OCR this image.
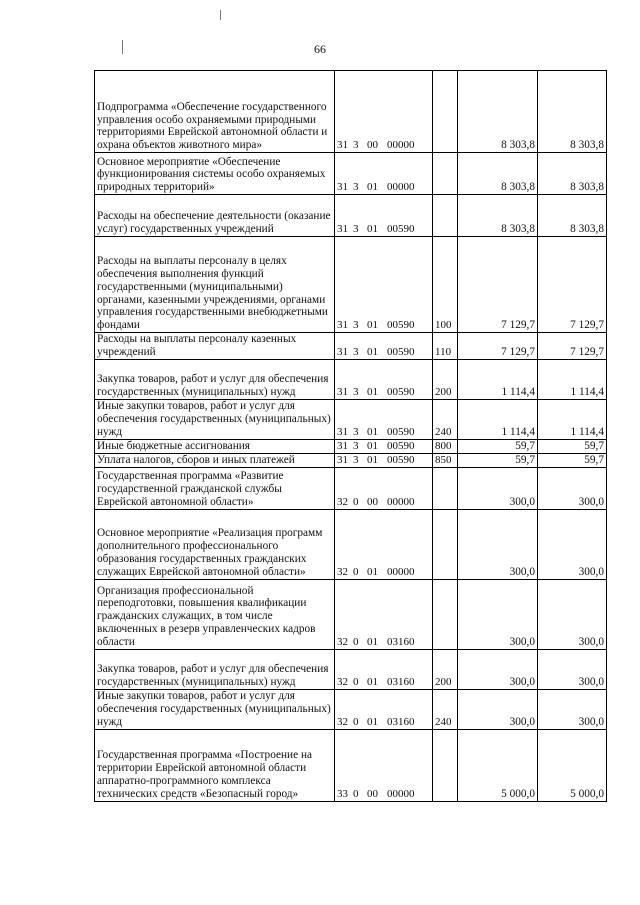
66
Подпрограмма «Обеспечение государственного управления особо охраняемыми природными территориями Еврейской автономной области и охрана объектов животного мира»	31 3 00 00000		8 303,8	8 303,8
Основное мероприятие «Обеспечение функционирования системы особо охраняемых природных территорий»	31 3 01 00000		8 303,8	8 303,8
Расходы на обеспечение деятельности (оказание услуг) государственных учреждений	31 3 01 00590		8 303,8	8 303,8
Расходы на выплаты персоналу в целях обеспечения выполнения функций государственными (муниципальными) органами, казенными учреждениями, органами управления государственными внебюджетными фондами	31 3 01 00590	100	7 129,7	7 129,7
Расходы на выплаты персоналу казенных учреждений	31 3 01 00590	110	7 129,7	7 129,7
Закупка товаров, работ и услуг для обеспечения государственных (муниципальных) нужд	31 3 01 00590	200	1 114,4	1 114,4
Иные закупки товаров, работ и услуг для обеспечения государственных (муниципальных) нужд	31 3 01 00590	240	1 114,4	1 114,4
Иные бюджетные ассигнования	31 3 01 00590	800	59,7	59,7
Уплата налогов, сборов и иных платежей	31 3 01 00590	850	59,7	59,7
Государственная программа «Развитие государственной гражданской службы Еврейской автономной области»	32 0 00 00000		300,0	300,0
Основное мероприятие «Реализация программ дополнительного профессионального образования государственных гражданских служащих Еврейской автономной области»	32 0 01 00000		300,0	300,0
Организация профессиональной переподготовки, повышения квалификации гражданских служащих, в том числе включенных в резерв управленческих кадров области	32 0 01 03160		300,0	300,0
Закупка товаров, работ и услуг для обеспечения государственных (муниципальных) нужд	32 0 01 03160	200	300,0	300,0
Иные закупки товаров, работ и услуг для обеспечения государственных (муниципальных) нужд	32 0 01 03160	240	300,0	300,0
Государственная программа «Построение на территории Еврейской автономной области аппаратно-программного комплекса технических средств «Безопасный город»	33 0 00 00000		5 000,0	5 000,0
